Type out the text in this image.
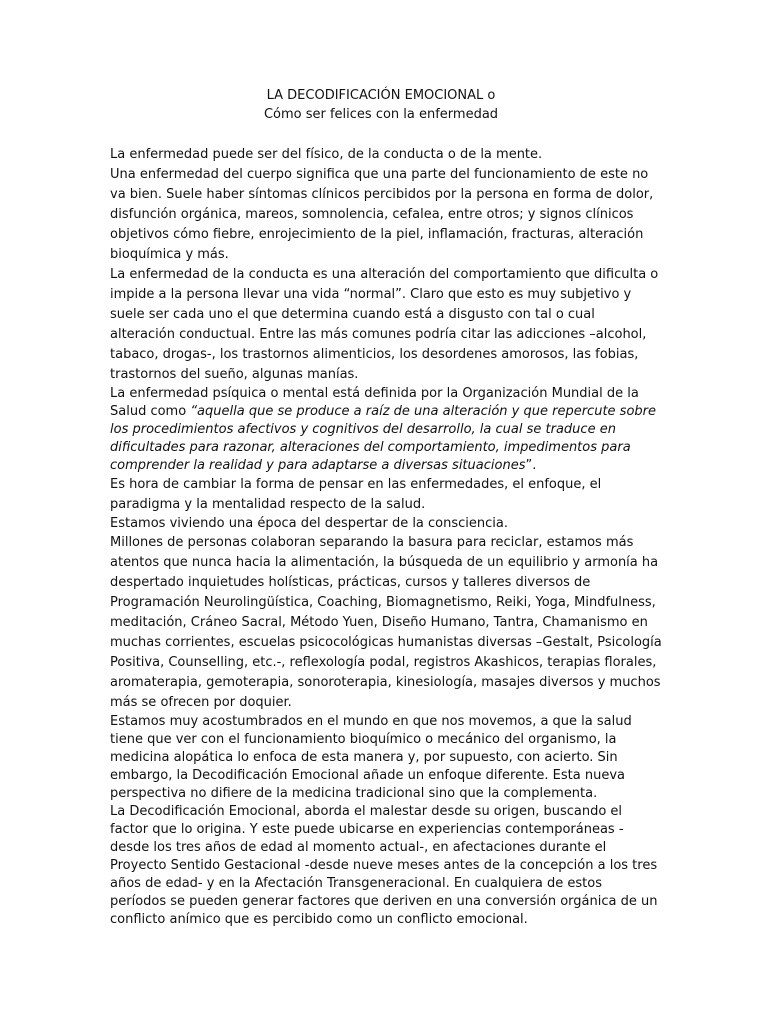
LA DECODIFICACIÓN EMOCIONAL o
Cómo ser felices con la enfermedad

La enfermedad puede ser del físico, de la conducta o de la mente.

Una enfermedad del cuerpo significa que una parte del funcionamiento de este no va bien. Suele haber síntomas clínicos percibidos por la persona en forma de dolor, disfunción orgánica, mareos, somnolencia, cefalea, entre otros; y signos clínicos objetivos cómo fiebre, enrojecimiento de la piel, inflamación, fracturas, alteración bioquímica y más.

La enfermedad de la conducta es una alteración del comportamiento que dificulta o impide a la persona llevar una vida “normal”. Claro que esto es muy subjetivo y suele ser cada uno el que determina cuando está a disgusto con tal o cual alteración conductual. Entre las más comunes podría citar las adicciones –alcohol, tabaco, drogas-, los trastornos alimenticios, los desordenes amorosos, las fobias, trastornos del sueño, algunas manías.

La enfermedad psíquica o mental está definida por la Organización Mundial de la Salud como “aquella que se produce a raíz de una alteración y que repercute sobre los procedimientos afectivos y cognitivos del desarrollo, la cual se traduce en dificultades para razonar, alteraciones del comportamiento, impedimentos para comprender la realidad y para adaptarse a diversas situaciones”.

Es hora de cambiar la forma de pensar en las enfermedades, el enfoque, el paradigma y la mentalidad respecto de la salud.

Estamos viviendo una época del despertar de la consciencia.

Millones de personas colaboran separando la basura para reciclar, estamos más atentos que nunca hacia la alimentación, la búsqueda de un equilibrio y armonía ha despertado inquietudes holísticas, prácticas, cursos y talleres diversos de Programación Neurolingüística, Coaching, Biomagnetismo, Reiki, Yoga, Mindfulness, meditación, Cráneo Sacral, Método Yuen, Diseño Humano, Tantra, Chamanismo en muchas corrientes, escuelas psicocológicas humanistas diversas –Gestalt, Psicología Positiva, Counselling, etc.-, reflexología podal, registros Akashicos, terapias florales, aromaterapia, gemoterapia, sonoroterapia, kinesiología, masajes diversos y muchos más se ofrecen por doquier.

Estamos muy acostumbrados en el mundo en que nos movemos, a que la salud tiene que ver con el funcionamiento bioquímico o mecánico del organismo, la medicina alopática lo enfoca de esta manera y, por supuesto, con acierto. Sin embargo, la Decodificación Emocional añade un enfoque diferente. Esta nueva perspectiva no difiere de la medicina tradicional sino que la complementa.

La Decodificación Emocional, aborda el malestar desde su origen, buscando el factor que lo origina. Y este puede ubicarse en experiencias contemporáneas -desde los tres años de edad al momento actual-, en afectaciones durante el Proyecto Sentido Gestacional -desde nueve meses antes de la concepción a los tres años de edad- y en la Afectación Transgeneracional. En cualquiera de estos períodos se pueden generar factores que deriven en una conversión orgánica de un conflicto anímico que es percibido como un conflicto emocional.
